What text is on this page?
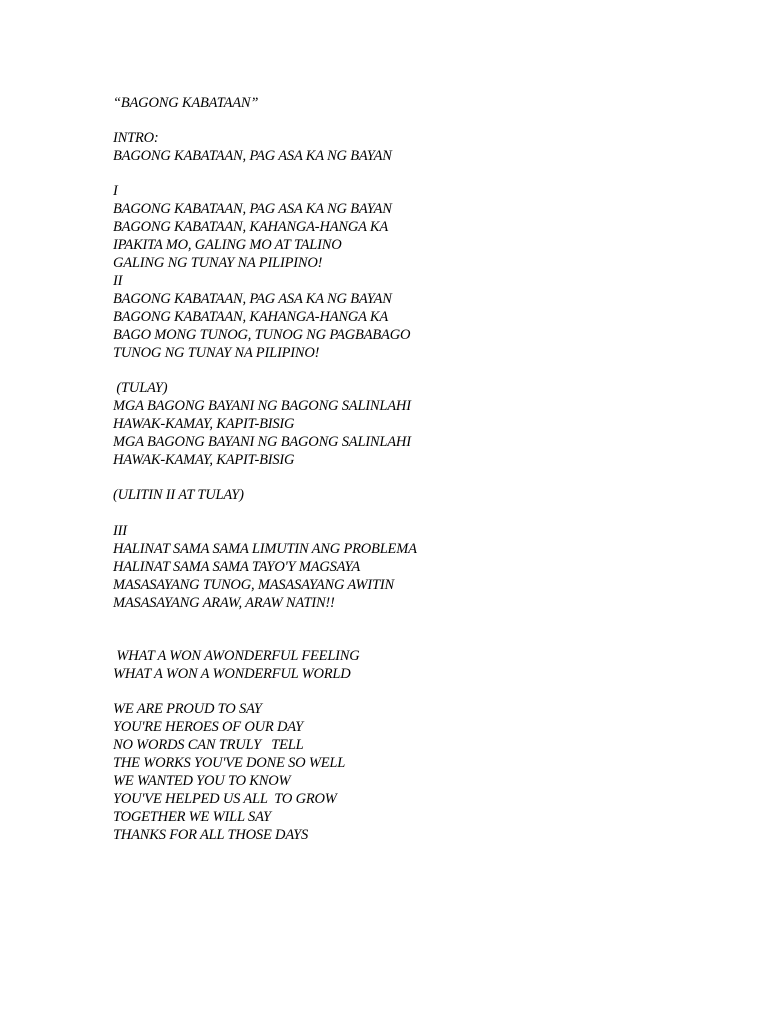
“BAGONG KABATAAN”
INTRO:
BAGONG KABATAAN, PAG ASA KA NG BAYAN
I
BAGONG KABATAAN, PAG ASA KA NG BAYAN
BAGONG KABATAAN, KAHANGA-HANGA KA
IPAKITA MO, GALING MO AT TALINO
GALING NG TUNAY NA PILIPINO!
II
BAGONG KABATAAN, PAG ASA KA NG BAYAN
BAGONG KABATAAN, KAHANGA-HANGA KA
BAGO MONG TUNOG, TUNOG NG PAGBABAGO
TUNOG NG TUNAY NA PILIPINO!
(TULAY)
MGA BAGONG BAYANI NG BAGONG SALINLAHI
HAWAK-KAMAY, KAPIT-BISIG
MGA BAGONG BAYANI NG BAGONG SALINLAHI
HAWAK-KAMAY, KAPIT-BISIG
(ULITIN II AT TULAY)
III
HALINAT SAMA SAMA LIMUTIN ANG PROBLEMA
HALINAT SAMA SAMA TAYO'Y MAGSAYA
MASASAYANG TUNOG, MASASAYANG AWITIN
MASASAYANG ARAW, ARAW NATIN!!
WHAT A WON AWONDERFUL FEELING
WHAT A WON A WONDERFUL WORLD
WE ARE PROUD TO SAY
YOU'RE HEROES OF OUR DAY
NO WORDS CAN TRULY   TELL
THE WORKS YOU'VE DONE SO WELL
WE WANTED YOU TO KNOW
YOU'VE HELPED US ALL  TO GROW
TOGETHER WE WILL SAY
THANKS FOR ALL THOSE DAYS
